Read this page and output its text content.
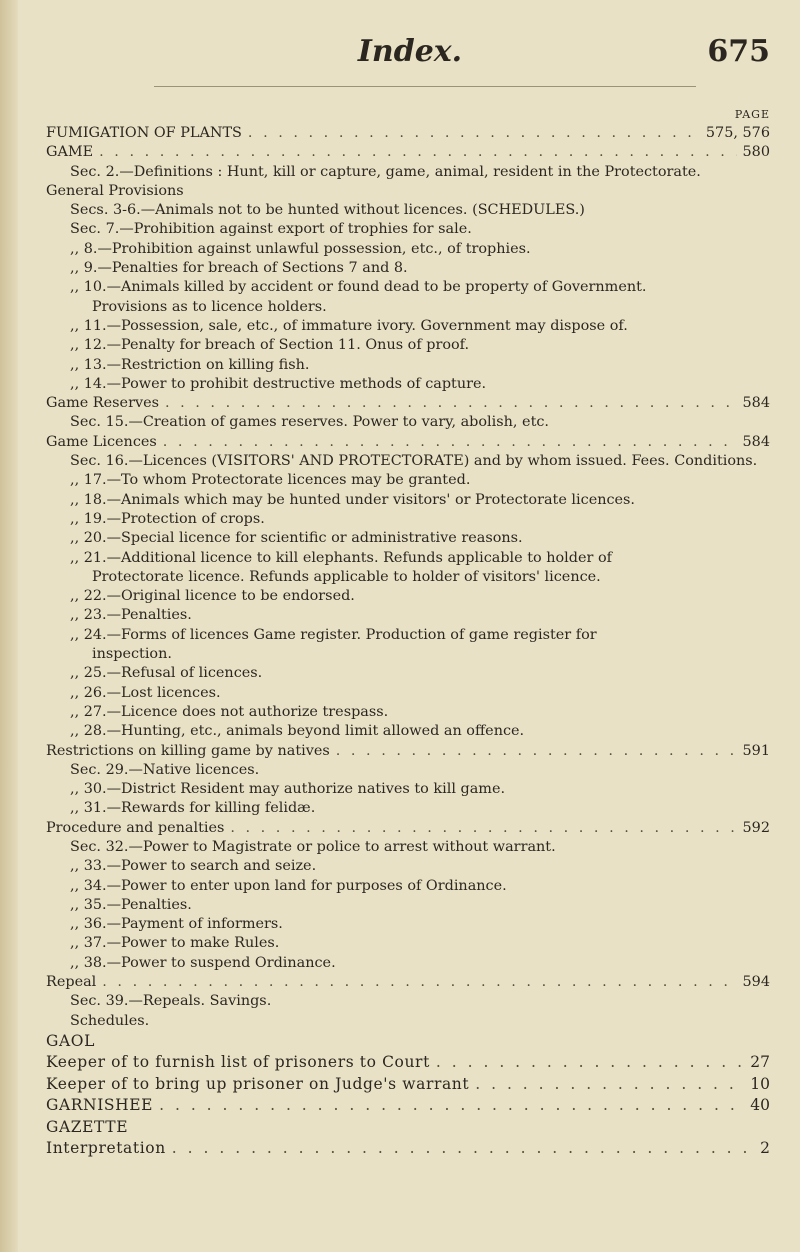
Index.	675
PAGE
FUMIGATION OF PLANTS . . .	575, 576
GAME . . .	580
Sec. 2.—Definitions : Hunt, kill or capture, game, animal, resident in the Protectorate.
General Provisions
Secs. 3-6.—Animals not to be hunted without licences. (SCHEDULES.)
Sec. 7.—Prohibition against export of trophies for sale.
,, 8.—Prohibition against unlawful possession, etc., of trophies.
,, 9.—Penalties for breach of Sections 7 and 8.
,, 10.—Animals killed by accident or found dead to be property of Government.
Provisions as to licence holders.
,, 11.—Possession, sale, etc., of immature ivory. Government may dispose of.
,, 12.—Penalty for breach of Section 11. Onus of proof.
,, 13.—Restriction on killing fish.
,, 14.—Power to prohibit destructive methods of capture.
Game Reserves . . .	584
Sec. 15.—Creation of games reserves. Power to vary, abolish, etc.
Game Licences . . .	584
Sec. 16.—Licences (VISITORS' AND PROTECTORATE) and by whom issued. Fees. Conditions.
,, 17.—To whom Protectorate licences may be granted.
,, 18.—Animals which may be hunted under visitors' or Protectorate licences.
,, 19.—Protection of crops.
,, 20.—Special licence for scientific or administrative reasons.
,, 21.—Additional licence to kill elephants. Refunds applicable to holder of
Protectorate licence. Refunds applicable to holder of visitors' licence.
,, 22.—Original licence to be endorsed.
,, 23.—Penalties.
,, 24.—Forms of licences Game register. Production of game register for
inspection.
,, 25.—Refusal of licences.
,, 26.—Lost licences.
,, 27.—Licence does not authorize trespass.
,, 28.—Hunting, etc., animals beyond limit allowed an offence.
Restrictions on killing game by natives . . .	591
Sec. 29.—Native licences.
,, 30.—District Resident may authorize natives to kill game.
,, 31.—Rewards for killing felidæ.
Procedure and penalties . . .	592
Sec. 32.—Power to Magistrate or police to arrest without warrant.
,, 33.—Power to search and seize.
,, 34.—Power to enter upon land for purposes of Ordinance.
,, 35.—Penalties.
,, 36.—Payment of informers.
,, 37.—Power to make Rules.
,, 38.—Power to suspend Ordinance.
Repeal . . .	594
Sec. 39.—Repeals. Savings.
Schedules.
GAOL
Keeper of to furnish list of prisoners to Court . . .	27
Keeper of to bring up prisoner on Judge's warrant . . .	10
GARNISHEE . . .	40
GAZETTE
Interpretation . . .	2
